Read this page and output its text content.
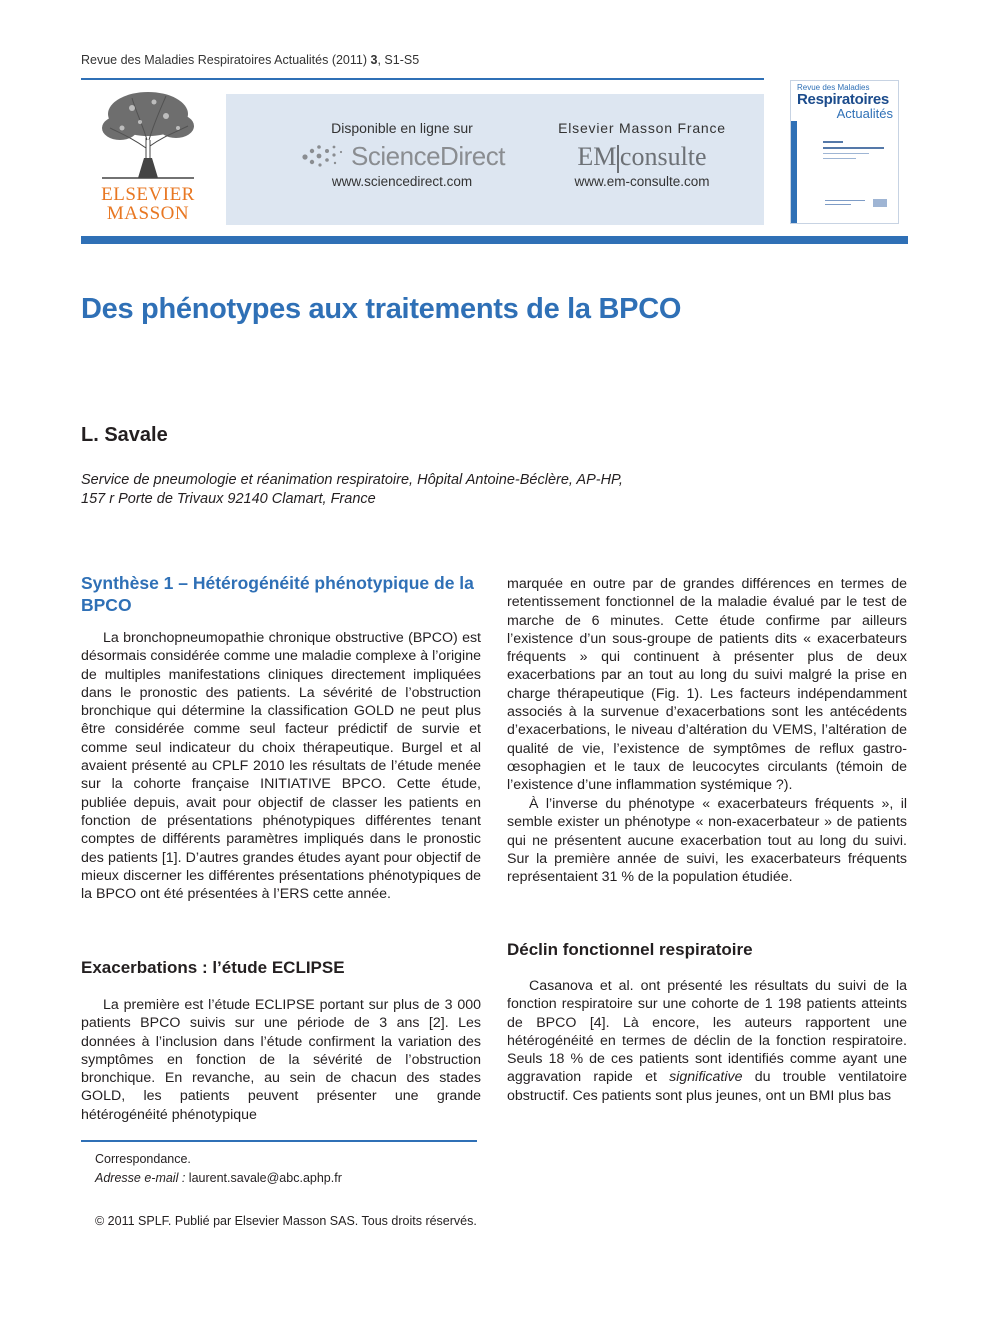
Revue des Maladies Respiratoires Actualités (2011) 3, S1-S5
ELSEVIER
MASSON
Disponible en ligne sur
ScienceDirect
www.sciencedirect.com
Elsevier Masson France
EM consulte
www.em-consulte.com
Revue des Maladies
Respiratoires
Actualités
Des phénotypes aux traitements de la BPCO
L. Savale
Service de pneumologie et réanimation respiratoire, Hôpital Antoine-Béclère, AP-HP,
157 r Porte de Trivaux 92140 Clamart, France
Synthèse 1 – Hétérogénéité phénotypique de la BPCO

La bronchopneumopathie chronique obstructive (BPCO) est désormais considérée comme une maladie complexe à l’origine de multiples manifestations cliniques directement impliquées dans le pronostic des patients. La sévérité de l’obstruction bronchique qui détermine la classification GOLD ne peut plus être considérée comme seul facteur prédictif de survie et comme seul indicateur du choix thérapeutique. Burgel et al avaient présenté au CPLF 2010 les résultats de l’étude menée sur la cohorte française INITIATIVE BPCO. Cette étude, publiée depuis, avait pour objectif de classer les patients en fonction de présentations phénotypiques différentes tenant comptes de différents paramètres impliqués dans le pronostic des patients [1]. D’autres grandes études ayant pour objectif de mieux discerner les différentes présentations phénotypiques de la BPCO ont été présentées à l’ERS cette année.

Exacerbations : l’étude ECLIPSE

La première est l’étude ECLIPSE portant sur plus de 3 000 patients BPCO suivis sur une période de 3 ans [2]. Les données à l’inclusion dans l’étude confirment la variation des symptômes en fonction de la sévérité de l’obstruction bronchique. En revanche, au sein de chacun des stades GOLD, les patients peuvent présenter une grande hétérogénéité phénotypique

marquée en outre par de grandes différences en termes de retentissement fonctionnel de la maladie évalué par le test de marche de 6 minutes. Cette étude confirme par ailleurs l’existence d’un sous-groupe de patients dits « exacerbateurs fréquents » qui continuent à présenter plus de deux exacerbations par an tout au long du suivi malgré la prise en charge thérapeutique (Fig. 1). Les facteurs indépendamment associés à la survenue d’exacerbations sont les antécédents d’exacerbations, le niveau d’altération du VEMS, l’altération de qualité de vie, l’existence de symptômes de reflux gastro-œsophagien et le taux de leucocytes circulants (témoin de l’existence d’une inflammation systémique ?).

À l’inverse du phénotype « exacerbateurs fréquents », il semble exister un phénotype « non-exacerbateur » de patients qui ne présentent aucune exacerbation tout au long du suivi. Sur la première année de suivi, les exacerbateurs fréquents représentaient 31 % de la population étudiée.

Déclin fonctionnel respiratoire

Casanova et al. ont présenté les résultats du suivi de la fonction respiratoire sur une cohorte de 1 198 patients atteints de BPCO [4]. Là encore, les auteurs rapportent une hétérogénéité en termes de déclin de la fonction respiratoire. Seuls 18 % de ces patients sont identifiés comme ayant une aggravation rapide et significative du trouble ventilatoire obstructif. Ces patients sont plus jeunes, ont un BMI plus bas

Correspondance.
Adresse e-mail : laurent.savale@abc.aphp.fr
© 2011 SPLF. Publié par Elsevier Masson SAS. Tous droits réservés.
